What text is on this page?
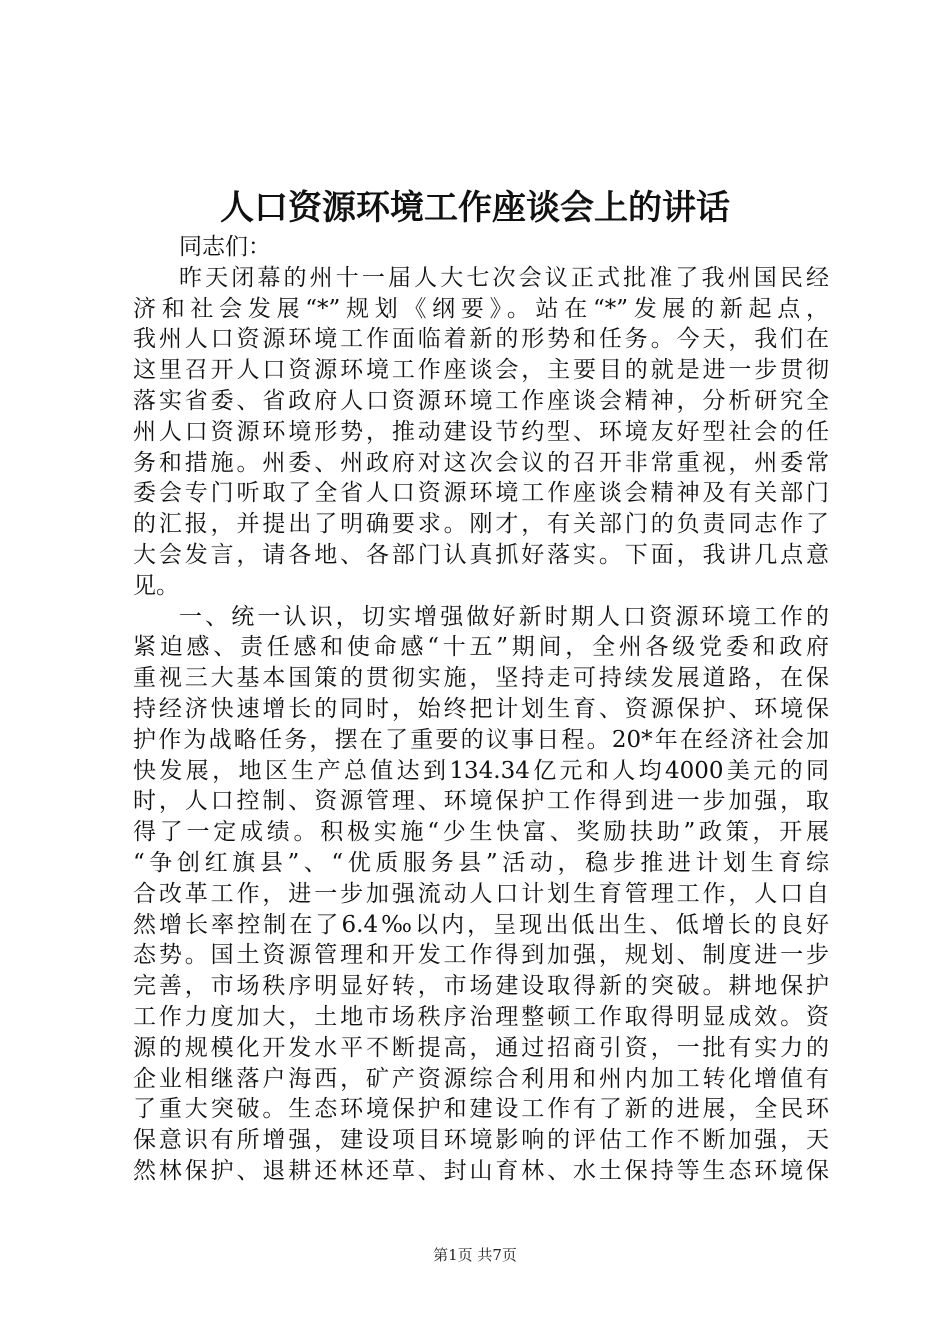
人口资源环境工作座谈会上的讲话
同志们：
昨天闭幕的州十一届人大七次会议正式批准了我州国民经
济和社会发展“*”规划《纲要》。站在“*”发展的新起点，
我州人口资源环境工作面临着新的形势和任务。今天，我们在
这里召开人口资源环境工作座谈会，主要目的就是进一步贯彻
落实省委、省政府人口资源环境工作座谈会精神，分析研究全
州人口资源环境形势，推动建设节约型、环境友好型社会的任
务和措施。州委、州政府对这次会议的召开非常重视，州委常
委会专门听取了全省人口资源环境工作座谈会精神及有关部门
的汇报，并提出了明确要求。刚才，有关部门的负责同志作了
大会发言，请各地、各部门认真抓好落实。下面，我讲几点意
见。
一、统一认识，切实增强做好新时期人口资源环境工作的
紧迫感、责任感和使命感“十五”期间，全州各级党委和政府
重视三大基本国策的贯彻实施，坚持走可持续发展道路，在保
持经济快速增长的同时，始终把计划生育、资源保护、环境保
护作为战略任务，摆在了重要的议事日程。20*年在经济社会加
快发展，地区生产总值达到134.34亿元和人均4000美元的同
时，人口控制、资源管理、环境保护工作得到进一步加强，取
得了一定成绩。积极实施“少生快富、奖励扶助”政策，开展
“争创红旗县”、“优质服务县”活动，稳步推进计划生育综
合改革工作，进一步加强流动人口计划生育管理工作，人口自
然增长率控制在了6.4‰以内，呈现出低出生、低增长的良好
态势。国土资源管理和开发工作得到加强，规划、制度进一步
完善，市场秩序明显好转，市场建设取得新的突破。耕地保护
工作力度加大，土地市场秩序治理整顿工作取得明显成效。资
源的规模化开发水平不断提高，通过招商引资，一批有实力的
企业相继落户海西，矿产资源综合利用和州内加工转化增值有
了重大突破。生态环境保护和建设工作有了新的进展，全民环
保意识有所增强，建设项目环境影响的评估工作不断加强，天
然林保护、退耕还林还草、封山育林、水土保持等生态环境保
第1页 共7页
